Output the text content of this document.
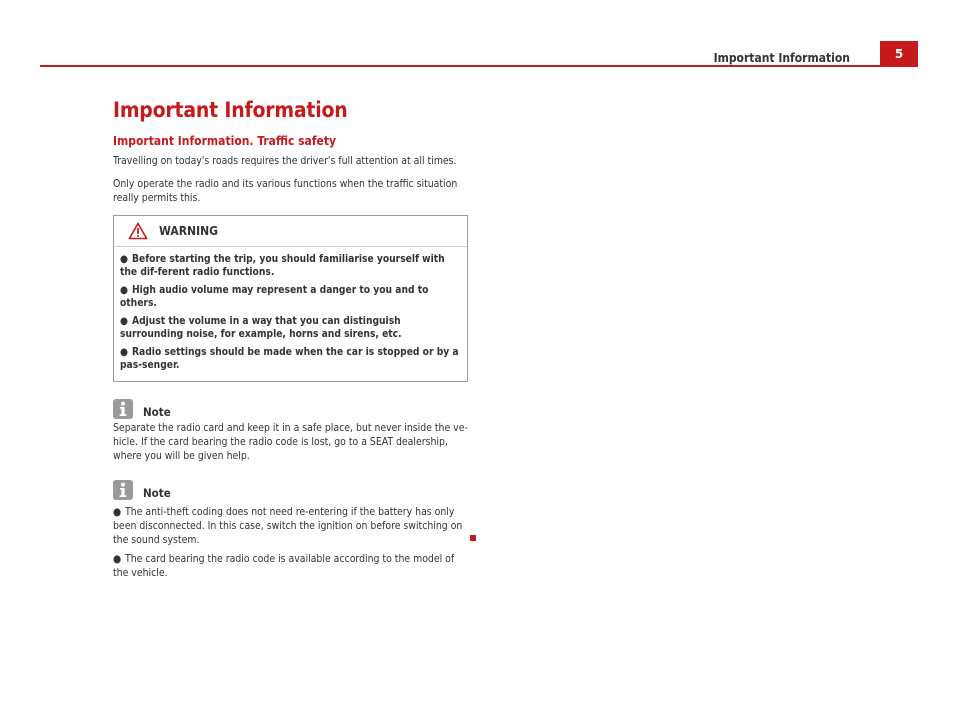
Important Information	5
Important Information
Important Information. Traffic safety

Travelling on today's roads requires the driver's full attention at all times.

Only operate the radio and its various functions when the traffic situation really permits this.

WARNING

● Before starting the trip, you should familiarise yourself with the dif-ferent radio functions.

● High audio volume may represent a danger to you and to others.

● Adjust the volume in a way that you can distinguish surrounding noise, for example, horns and sirens, etc.

● Radio settings should be made when the car is stopped or by a pas-senger.

Note

Separate the radio card and keep it in a safe place, but never inside the ve-hicle. If the card bearing the radio code is lost, go to a SEAT dealership, where you will be given help.

Note

● The anti-theft coding does not need re-entering if the battery has only been disconnected. In this case, switch the ignition on before switching on the sound system.

● The card bearing the radio code is available according to the model of the vehicle.
